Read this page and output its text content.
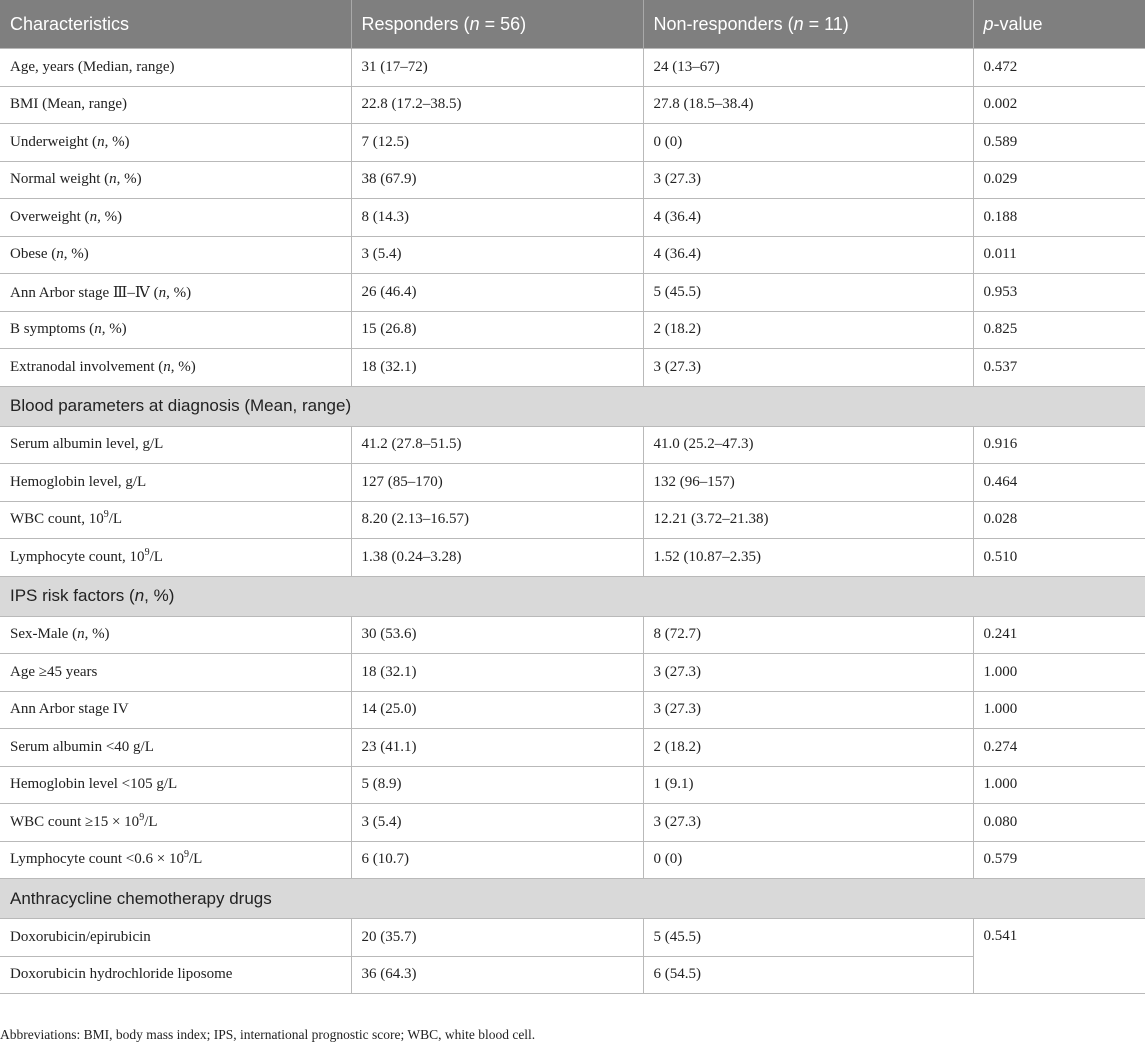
Characteristics	Responders (n = 56)	Non-responders (n = 11)	p-value
Age, years (Median, range)	31 (17–72)	24 (13–67)	0.472
BMI (Mean, range)	22.8 (17.2–38.5)	27.8 (18.5–38.4)	0.002
Underweight (n, %)	7 (12.5)	0 (0)	0.589
Normal weight (n, %)	38 (67.9)	3 (27.3)	0.029
Overweight (n, %)	8 (14.3)	4 (36.4)	0.188
Obese (n, %)	3 (5.4)	4 (36.4)	0.011
Ann Arbor stage Ⅲ–Ⅳ (n, %)	26 (46.4)	5 (45.5)	0.953
B symptoms (n, %)	15 (26.8)	2 (18.2)	0.825
Extranodal involvement (n, %)	18 (32.1)	3 (27.3)	0.537
Blood parameters at diagnosis (Mean, range)			
Serum albumin level, g/L	41.2 (27.8–51.5)	41.0 (25.2–47.3)	0.916
Hemoglobin level, g/L	127 (85–170)	132 (96–157)	0.464
WBC count, $10^9/L$	8.20 (2.13–16.57)	12.21 (3.72–21.38)	0.028
Lymphocyte count, $10^9/L$	1.38 (0.24–3.28)	1.52 (10.87–2.35)	0.510
IPS risk factors (n, %)			
Sex-Male (n, %)	30 (53.6)	8 (72.7)	0.241
Age ≥45 years	18 (32.1)	3 (27.3)	1.000
Ann Arbor stage IV	14 (25.0)	3 (27.3)	1.000
Serum albumin <40 g/L	23 (41.1)	2 (18.2)	0.274
Hemoglobin level <105 g/L	5 (8.9)	1 (9.1)	1.000
WBC count $\ge 15 \times 10^9/L$	3 (5.4)	3 (27.3)	0.080
Lymphocyte count $<0.6 \times 10^9/L$	6 (10.7)	0 (0)	0.579
Anthracycline chemotherapy drugs			
Doxorubicin/epirubicin	20 (35.7)	5 (45.5)	0.541
Doxorubicin hydrochloride liposome	36 (64.3)	6 (54.5)	
Abbreviations: BMI, body mass index; IPS, international prognostic score; WBC, white blood cell.
